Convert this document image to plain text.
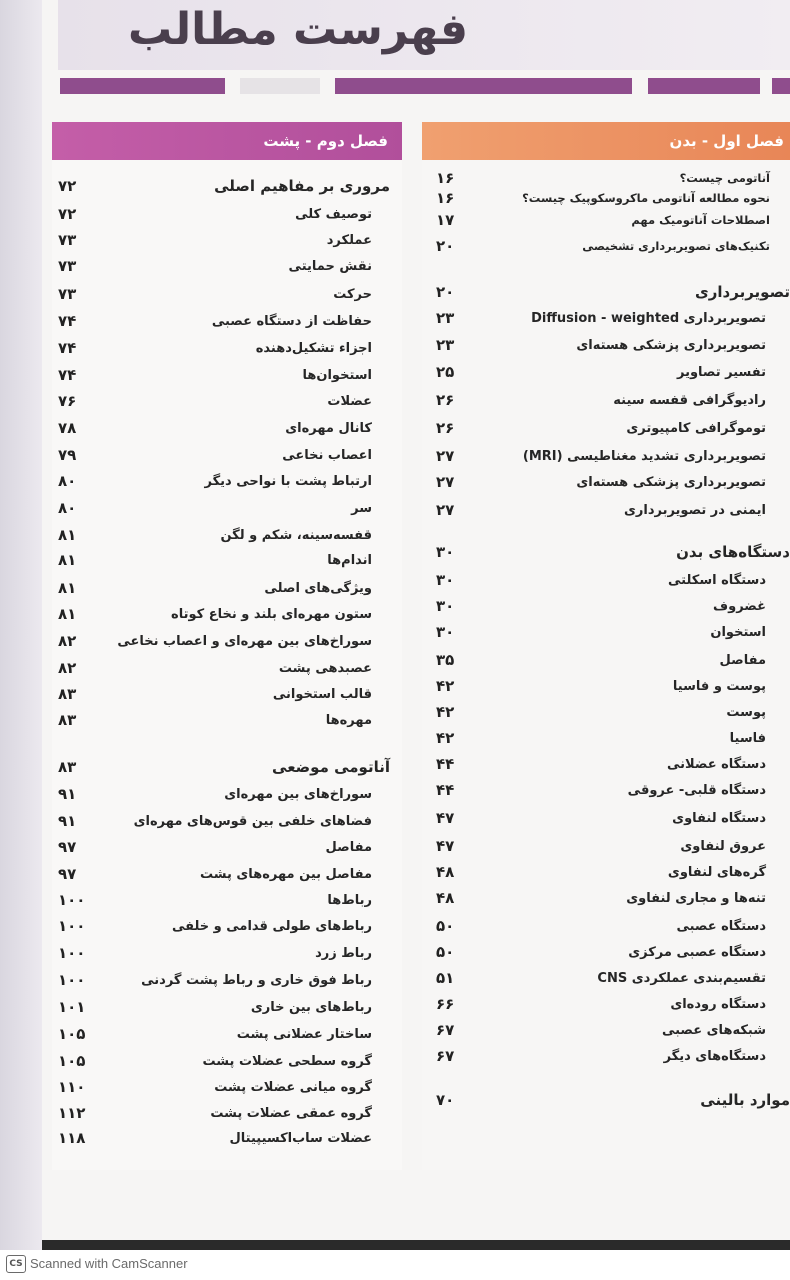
فهرست مطالب
فصل دوم - پشت
۷۲	مروری بر مفاهیم اصلی
۷۲	توصیف کلی
۷۳	عملکرد
۷۳	نقش حمایتی
۷۳	حرکت
۷۴	حفاظت از دستگاه عصبی
۷۴	اجزاء تشکیل‌دهنده
۷۴	استخوان‌ها
۷۶	عضلات
۷۸	کانال مهره‌ای
۷۹	اعصاب نخاعی
۸۰	ارتباط پشت با نواحی دیگر
۸۰	سر
۸۱	قفسه‌سینه، شکم و لگن
۸۱	اندام‌ها
۸۱	ویژگی‌های اصلی
۸۱	ستون مهره‌ای بلند و نخاع کوتاه
۸۲	سوراخ‌های بین مهره‌ای و اعصاب نخاعی
۸۲	عصبدهی پشت
۸۳	قالب استخوانی
۸۳	مهره‌ها
۸۳	آناتومی موضعی
۹۱	سوراخ‌های بین مهره‌ای
۹۱	فضاهای خلفی بین قوس‌های مهره‌ای
۹۷	مفاصل
۹۷	مفاصل بین مهره‌های پشت
۱۰۰	رباط‌ها
۱۰۰	رباط‌های طولی قدامی و خلفی
۱۰۰	رباط زرد
۱۰۰	رباط فوق خاری و رباط پشت گردنی
۱۰۱	رباط‌های بین خاری
۱۰۵	ساختار عضلانی پشت
۱۰۵	گروه سطحی عضلات پشت
۱۱۰	گروه میانی عضلات پشت
۱۱۲	گروه عمقی عضلات پشت
۱۱۸	عضلات ساب‌اکسیپیتال
فصل اول - بدن
۱۶	آناتومی چیست؟
۱۶	نحوه مطالعه آناتومی ماکروسکوپیک چیست؟
۱۷	اصطلاحات آناتومیک مهم
۲۰	تکنیک‌های تصویربرداری تشخیصی
۲۰	تصویربرداری
۲۳	تصویربرداری Diffusion - weighted
۲۳	تصویربرداری پزشکی هسته‌ای
۲۵	تفسیر تصاویر
۲۶	رادیوگرافی قفسه سینه
۲۶	توموگرافی کامپیوتری
۲۷	تصویربرداری تشدید مغناطیسی (MRI)
۲۷	تصویربرداری پزشکی هسته‌ای
۲۷	ایمنی در تصویربرداری
۳۰	دستگاه‌های بدن
۳۰	دستگاه اسکلتی
۳۰	غضروف
۳۰	استخوان
۳۵	مفاصل
۴۲	پوست و فاسیا
۴۲	پوست
۴۲	فاسیا
۴۴	دستگاه عضلانی
۴۴	دستگاه قلبی- عروقی
۴۷	دستگاه لنفاوی
۴۷	عروق لنفاوی
۴۸	گره‌های لنفاوی
۴۸	تنه‌ها و مجاری لنفاوی
۵۰	دستگاه عصبی
۵۰	دستگاه عصبی مرکزی
۵۱	تقسیم‌بندی عملکردی CNS
۶۶	دستگاه روده‌ای
۶۷	شبکه‌های عصبی
۶۷	دستگاه‌های دیگر
۷۰	موارد بالینی
CS Scanned with CamScanner
